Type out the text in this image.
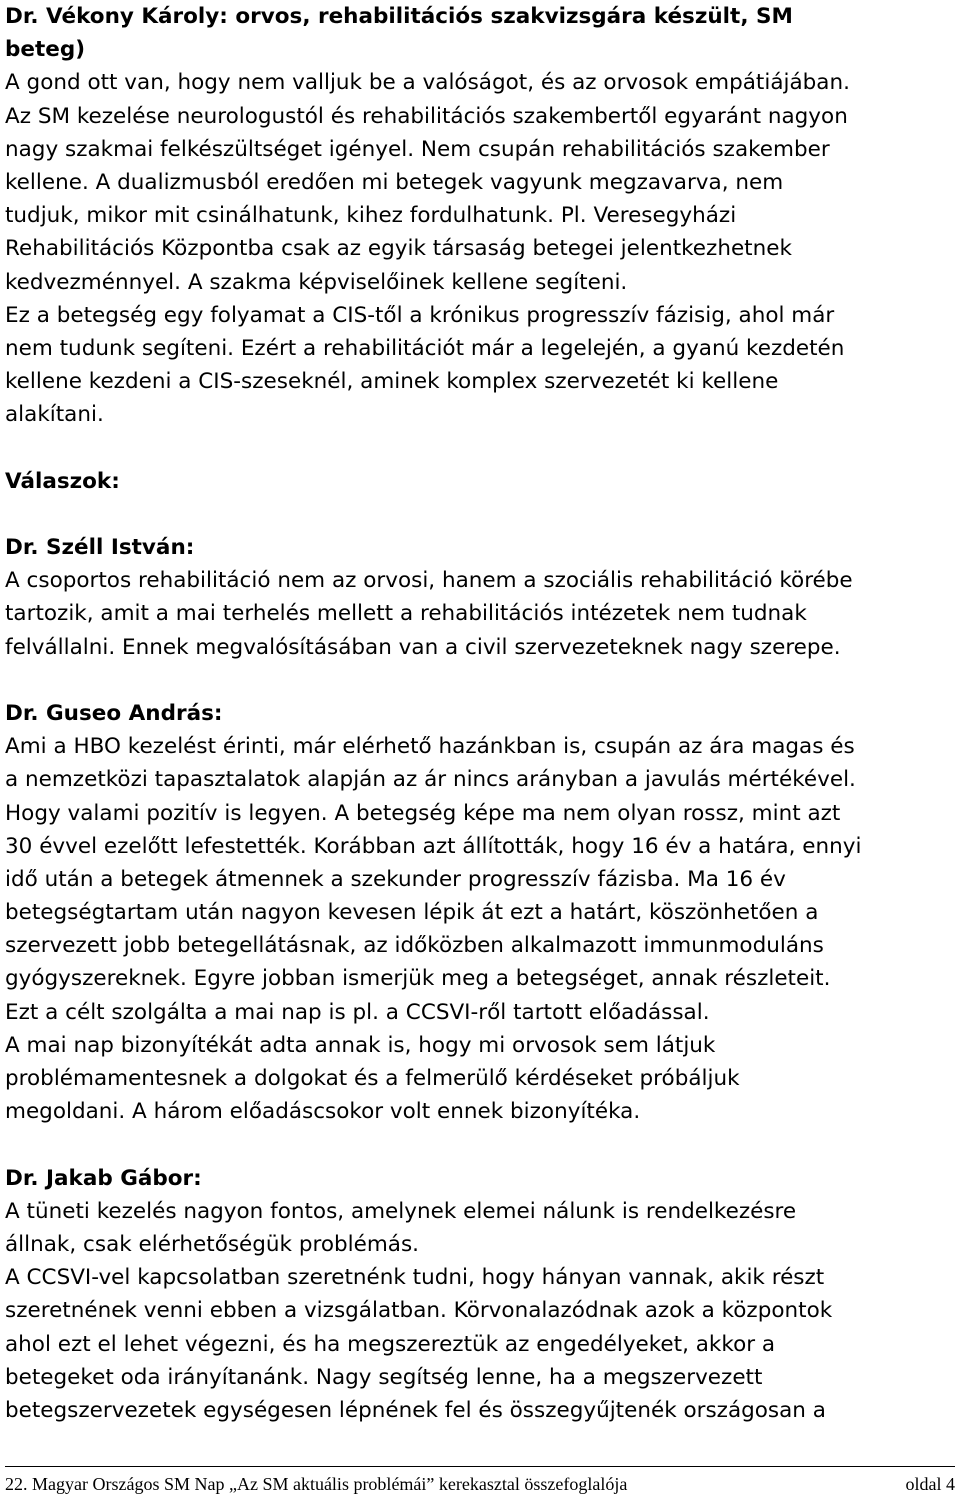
Dr. Vékony Károly: orvos, rehabilitációs szakvizsgára készült, SM
beteg)
A gond ott van, hogy nem valljuk be a valóságot, és az orvosok empátiájában.
Az SM kezelése neurologustól és rehabilitációs szakembertől egyaránt nagyon
nagy szakmai felkészültséget igényel. Nem csupán rehabilitációs szakember
kellene. A dualizmusból eredően mi betegek vagyunk megzavarva, nem
tudjuk, mikor mit csinálhatunk, kihez fordulhatunk. Pl. Veresegyházi
Rehabilitációs Központba csak az egyik társaság betegei jelentkezhetnek
kedvezménnyel. A szakma képviselőinek kellene segíteni.
Ez a betegség egy folyamat a CIS-től a krónikus progresszív fázisig, ahol már
nem tudunk segíteni. Ezért a rehabilitációt már a legelején, a gyanú kezdetén
kellene kezdeni a CIS-szeseknél, aminek komplex szervezetét ki kellene
alakítani.
Válaszok:
Dr. Széll István:
A csoportos rehabilitáció nem az orvosi, hanem a szociális rehabilitáció körébe
tartozik, amit a mai terhelés mellett a rehabilitációs intézetek nem tudnak
felvállalni. Ennek megvalósításában van a civil szervezeteknek nagy szerepe.
Dr. Guseo András:
Ami a HBO kezelést érinti, már elérhető hazánkban is, csupán az ára magas és
a nemzetközi tapasztalatok alapján az ár nincs arányban a javulás mértékével.
Hogy valami pozitív is legyen. A betegség képe ma nem olyan rossz, mint azt
30 évvel ezelőtt lefestették. Korábban azt állították, hogy 16 év a határa, ennyi
idő után a betegek átmennek a szekunder progresszív fázisba. Ma 16 év
betegségtartam után nagyon kevesen lépik át ezt a határt, köszönhetően a
szervezett jobb betegellátásnak, az időközben alkalmazott immunmoduláns
gyógyszereknek. Egyre jobban ismerjük meg a betegséget, annak részleteit.
Ezt a célt szolgálta a mai nap is pl. a CCSVI-ről tartott előadással.
A mai nap bizonyítékát adta annak is, hogy mi orvosok sem látjuk
problémamentesnek a dolgokat és a felmerülő kérdéseket próbáljuk
megoldani. A három előadáscsokor volt ennek bizonyítéka.
Dr. Jakab Gábor:
A tüneti kezelés nagyon fontos, amelynek elemei nálunk is rendelkezésre
állnak, csak elérhetőségük problémás.
A CCSVI-vel kapcsolatban szeretnénk tudni, hogy hányan vannak, akik részt
szeretnének venni ebben a vizsgálatban. Körvonalazódnak azok a központok
ahol ezt el lehet végezni, és ha megszereztük az engedélyeket, akkor a
betegeket oda irányítanánk. Nagy segítség lenne, ha a megszervezett
betegszervezetek egységesen lépnének fel és összegyűjtenék országosan a
22. Magyar Országos SM Nap „Az SM aktuális problémái” kerekasztal összefoglalója	oldal 4
